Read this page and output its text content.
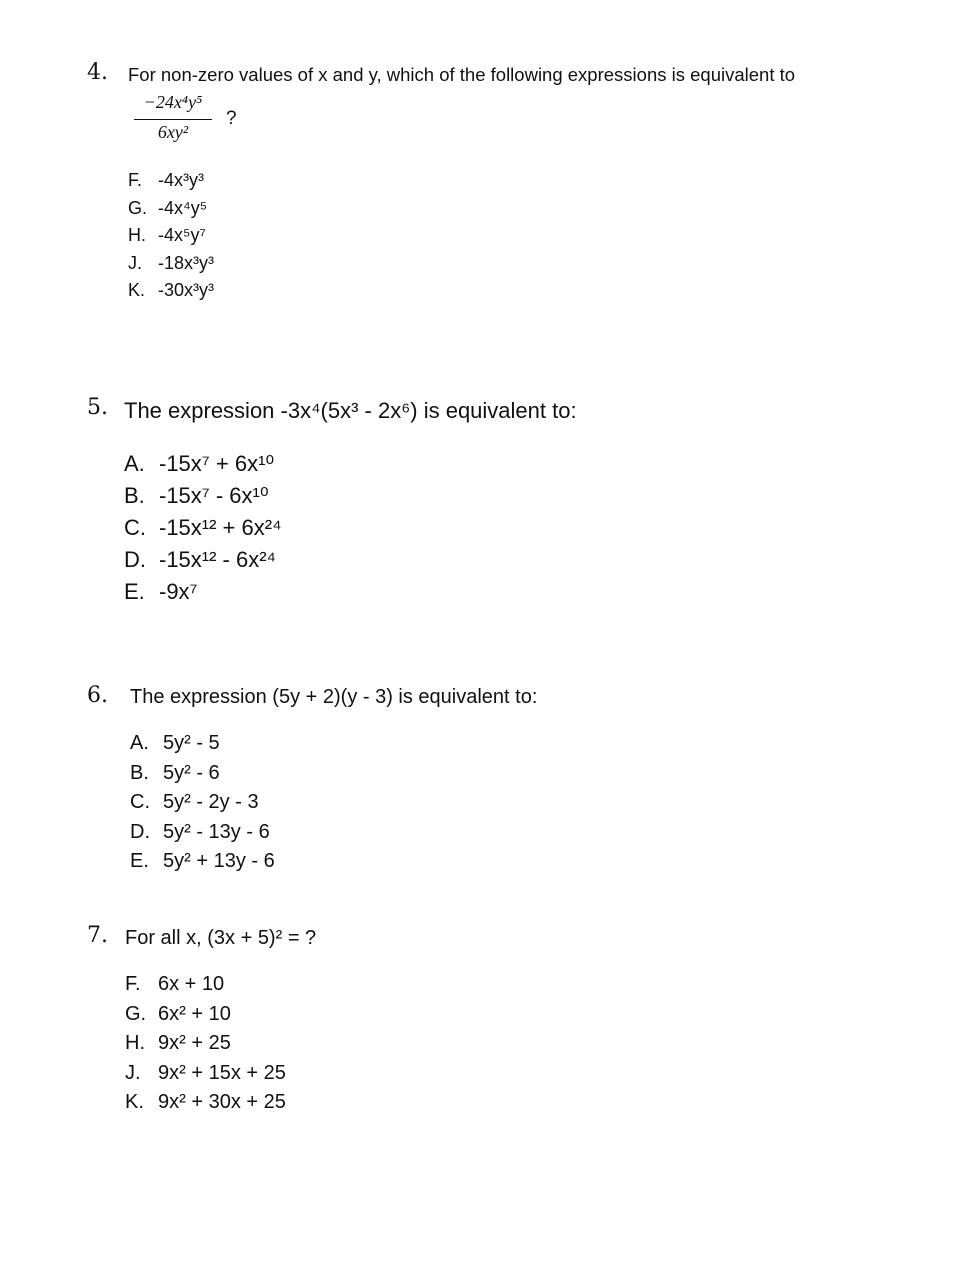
4. For non-zero values of x and y, which of the following expressions is equivalent to
−24x⁴y⁵
6xy²
?
F. -4x³y³
G. -4x⁴y⁵
H. -4x⁵y⁷
J. -18x³y³
K. -30x³y³
5. The expression -3x⁴(5x³ - 2x⁶) is equivalent to:
A. -15x⁷ + 6x¹⁰
B. -15x⁷ - 6x¹⁰
C. -15x¹² + 6x²⁴
D. -15x¹² - 6x²⁴
E. -9x⁷
6. The expression (5y + 2)(y - 3) is equivalent to:
A. 5y² - 5
B. 5y² - 6
C. 5y² - 2y - 3
D. 5y² - 13y - 6
E. 5y² + 13y - 6
7. For all x, (3x + 5)² = ?
F. 6x + 10
G. 6x² + 10
H. 9x² + 25
J. 9x² + 15x + 25
K. 9x² + 30x + 25
